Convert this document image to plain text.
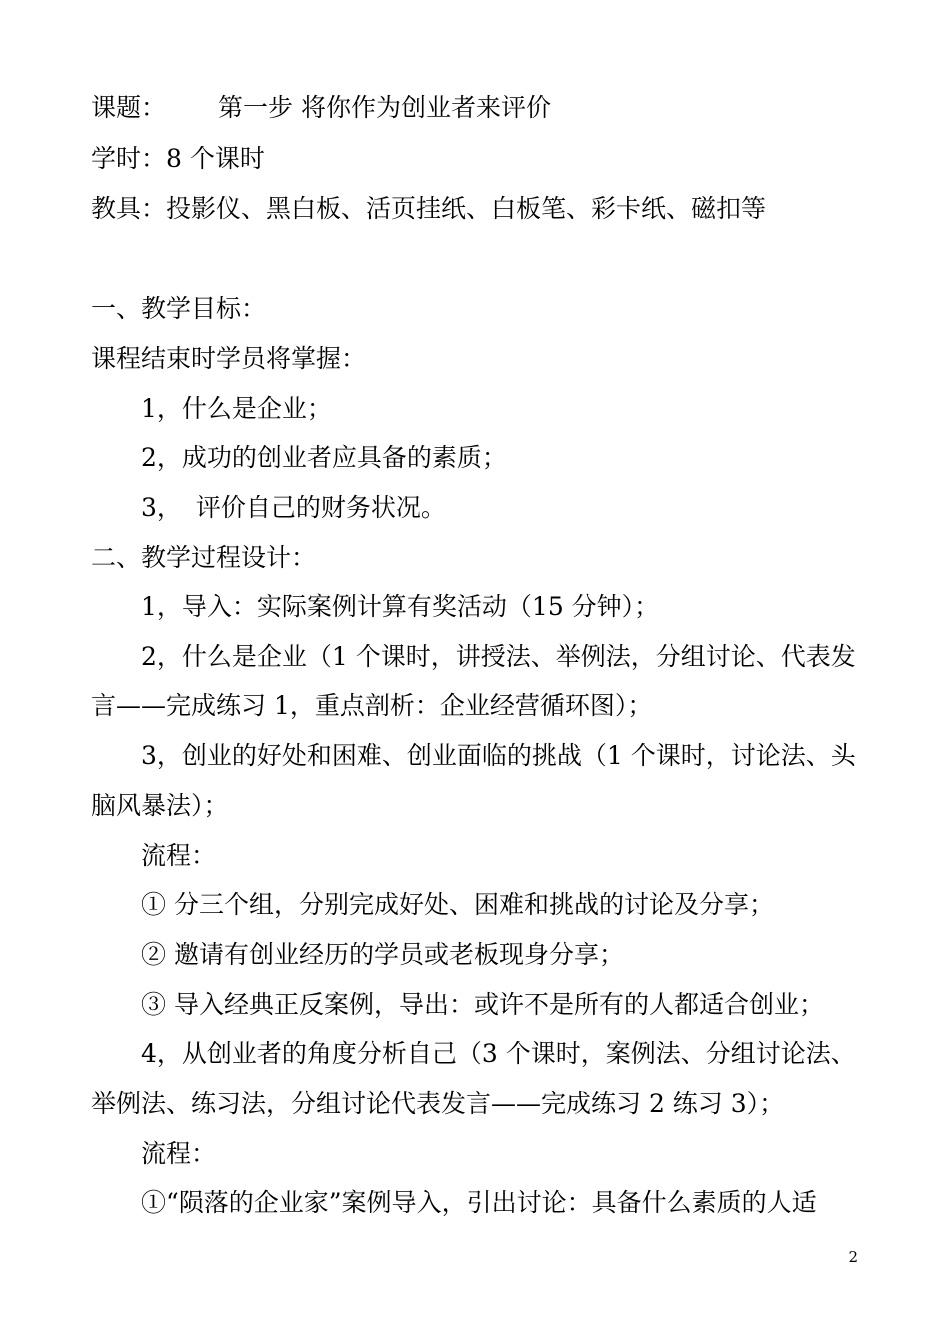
课题： 第一步 将你作为创业者来评价
学时：8 个课时
教具：投影仪、黑白板、活页挂纸、白板笔、彩卡纸、磁扣等
一、教学目标：
课程结束时学员将掌握：
1，什么是企业；
2，成功的创业者应具备的素质；
3， 评价自己的财务状况。
二、教学过程设计：
1，导入：实际案例计算有奖活动（15 分钟）；
2，什么是企业（1 个课时，讲授法、举例法，分组讨论、代表发
言——完成练习 1，重点剖析：企业经营循环图）；
3，创业的好处和困难、创业面临的挑战（1 个课时，讨论法、头
脑风暴法）；
流程：
① 分三个组，分别完成好处、困难和挑战的讨论及分享；
② 邀请有创业经历的学员或老板现身分享；
③ 导入经典正反案例，导出：或许不是所有的人都适合创业；
4，从创业者的角度分析自己（3 个课时，案例法、分组讨论法、
举例法、练习法，分组讨论代表发言——完成练习 2 练习 3）；
流程：
①“陨落的企业家”案例导入，引出讨论：具备什么素质的人适
2
